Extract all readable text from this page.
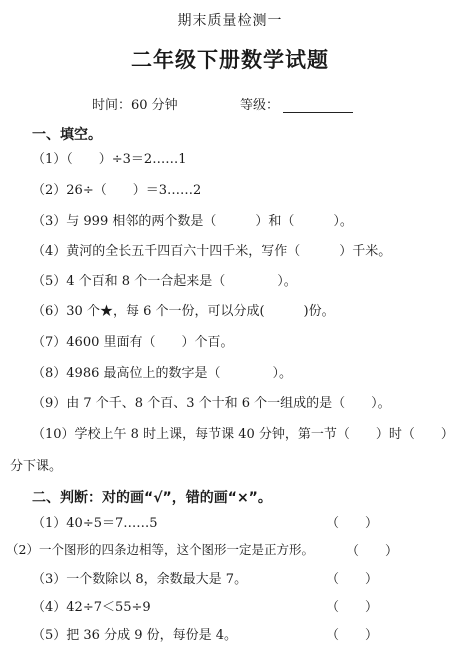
期末质量检测一
二年级下册数学试题
时间：60 分钟	等级：
一、填空。
（1）（　　）÷3＝2……1
（2）26÷（　　）＝3……2
（3）与 999 相邻的两个数是（　　　）和（　　　）。
（4）黄河的全长五千四百六十四千米，写作（　　　）千米。
（5）4 个百和 8 个一合起来是（　　　　）。
（6）30 个★，每 6 个一份，可以分成(　　　)份。
（7）4600 里面有（　　）个百。
（8）4986 最高位上的数字是（　　　　）。
（9）由 7 个千、8 个百、3 个十和 6 个一组成的是（　　）。
（10）学校上午 8 时上课，每节课 40 分钟，第一节（　　）时（　　）
分下课。
二、判断：对的画“√”，错的画“×”。
（1）40÷5＝7……5	（　　）
（2）一个图形的四条边相等，这个图形一定是正方形。 （　　）
（3）一个数除以 8，余数最大是 7。	（　　）
（4）42÷7＜55÷9	（　　）
（5）把 36 分成 9 份，每份是 4。	（　　）
